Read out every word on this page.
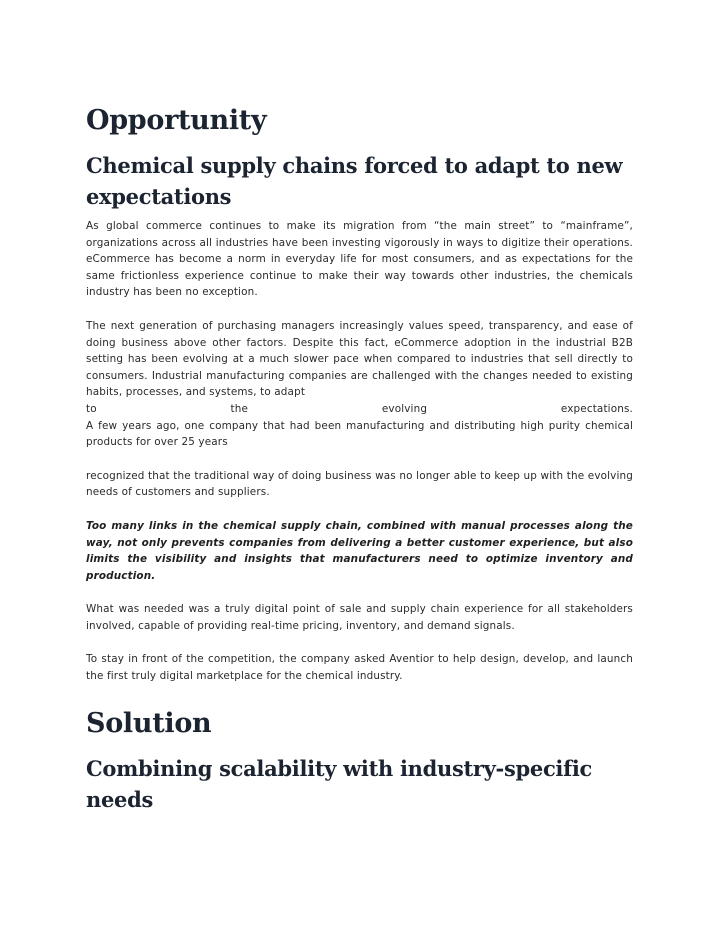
Opportunity
Chemical supply chains forced to adapt to new expectations

As global commerce continues to make its migration from “the main street” to “mainframe”, organizations across all industries have been investing vigorously in ways to digitize their operations. eCommerce has become a norm in everyday life for most consumers, and as expectations for the same frictionless experience continue to make their way towards other industries, the chemicals industry has been no exception.

The next generation of purchasing managers increasingly values speed, transparency, and ease of doing business above other factors. Despite this fact, eCommerce adoption in the industrial B2B setting has been evolving at a much slower pace when compared to industries that sell directly to consumers. Industrial manufacturing companies are challenged with the changes needed to existing habits, processes, and systems, to adapt

to	the	evolving	expectations.

A few years ago, one company that had been manufacturing and distributing high purity chemical products for over 25 years

recognized that the traditional way of doing business was no longer able to keep up with the evolving needs of customers and suppliers.

Too many links in the chemical supply chain, combined with manual processes along the way, not only prevents companies from delivering a better customer experience, but also limits the visibility and insights that manufacturers need to optimize inventory and production.

What was needed was a truly digital point of sale and supply chain experience for all stakeholders involved, capable of providing real-time pricing, inventory, and demand signals.

To stay in front of the competition, the company asked Aventior to help design, develop, and launch the first truly digital marketplace for the chemical industry.

Solution
Combining scalability with industry-specific needs
